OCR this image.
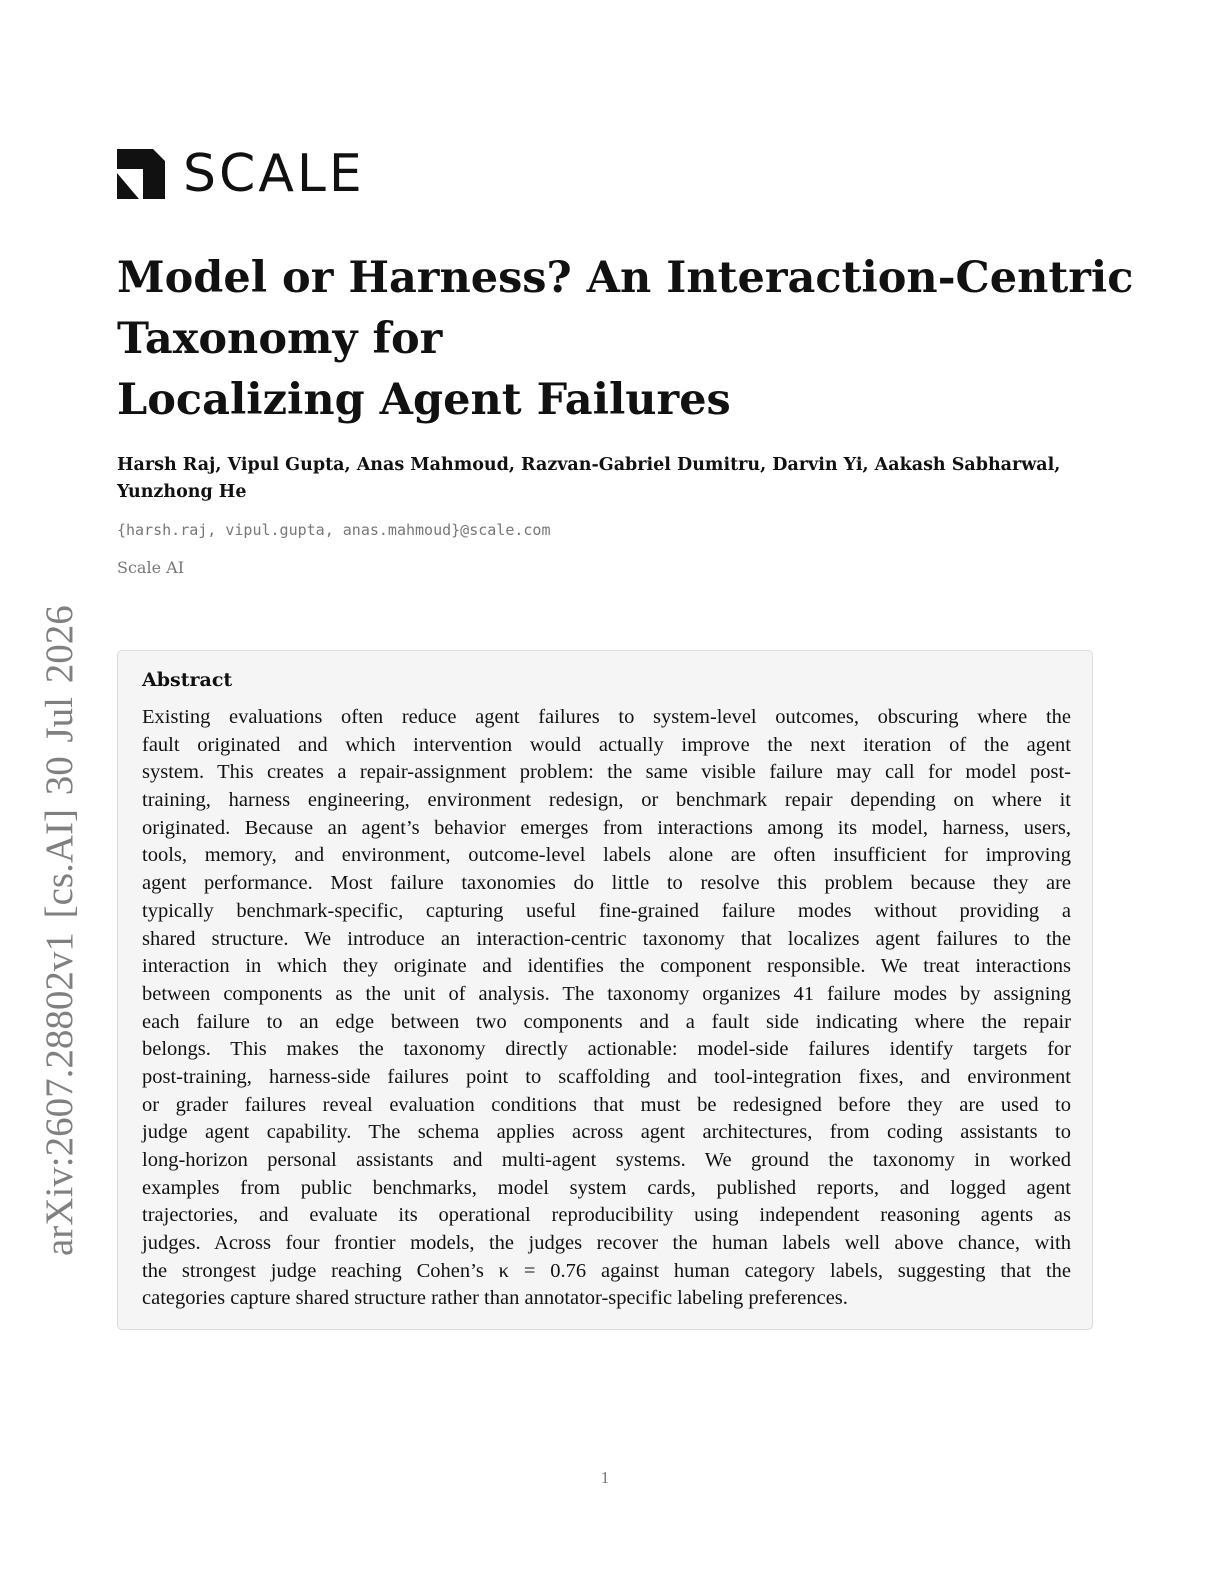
SCALE
arXiv:2607.28802v1 [cs.AI] 30 Jul 2026
Model or Harness? An Interaction-Centric
Taxonomy for
Localizing Agent Failures
Harsh Raj, Vipul Gupta, Anas Mahmoud, Razvan-Gabriel Dumitru, Darvin Yi, Aakash Sabharwal,
Yunzhong He
{harsh.raj, vipul.gupta, anas.mahmoud}@scale.com
Scale AI
Abstract
Existing evaluations often reduce agent failures to system-level outcomes, obscuring where the
fault originated and which intervention would actually improve the next iteration of the agent
system. This creates a repair-assignment problem: the same visible failure may call for model post-
training, harness engineering, environment redesign, or benchmark repair depending on where it
originated. Because an agent’s behavior emerges from interactions among its model, harness, users,
tools, memory, and environment, outcome-level labels alone are often insufficient for improving
agent performance. Most failure taxonomies do little to resolve this problem because they are
typically benchmark-specific, capturing useful fine-grained failure modes without providing a
shared structure. We introduce an interaction-centric taxonomy that localizes agent failures to the
interaction in which they originate and identifies the component responsible. We treat interactions
between components as the unit of analysis. The taxonomy organizes 41 failure modes by assigning
each failure to an edge between two components and a fault side indicating where the repair
belongs. This makes the taxonomy directly actionable: model-side failures identify targets for
post-training, harness-side failures point to scaffolding and tool-integration fixes, and environment
or grader failures reveal evaluation conditions that must be redesigned before they are used to
judge agent capability. The schema applies across agent architectures, from coding assistants to
long-horizon personal assistants and multi-agent systems. We ground the taxonomy in worked
examples from public benchmarks, model system cards, published reports, and logged agent
trajectories, and evaluate its operational reproducibility using independent reasoning agents as
judges. Across four frontier models, the judges recover the human labels well above chance, with
the strongest judge reaching Cohen’s κ = 0.76 against human category labels, suggesting that the
categories capture shared structure rather than annotator-specific labeling preferences.
1
